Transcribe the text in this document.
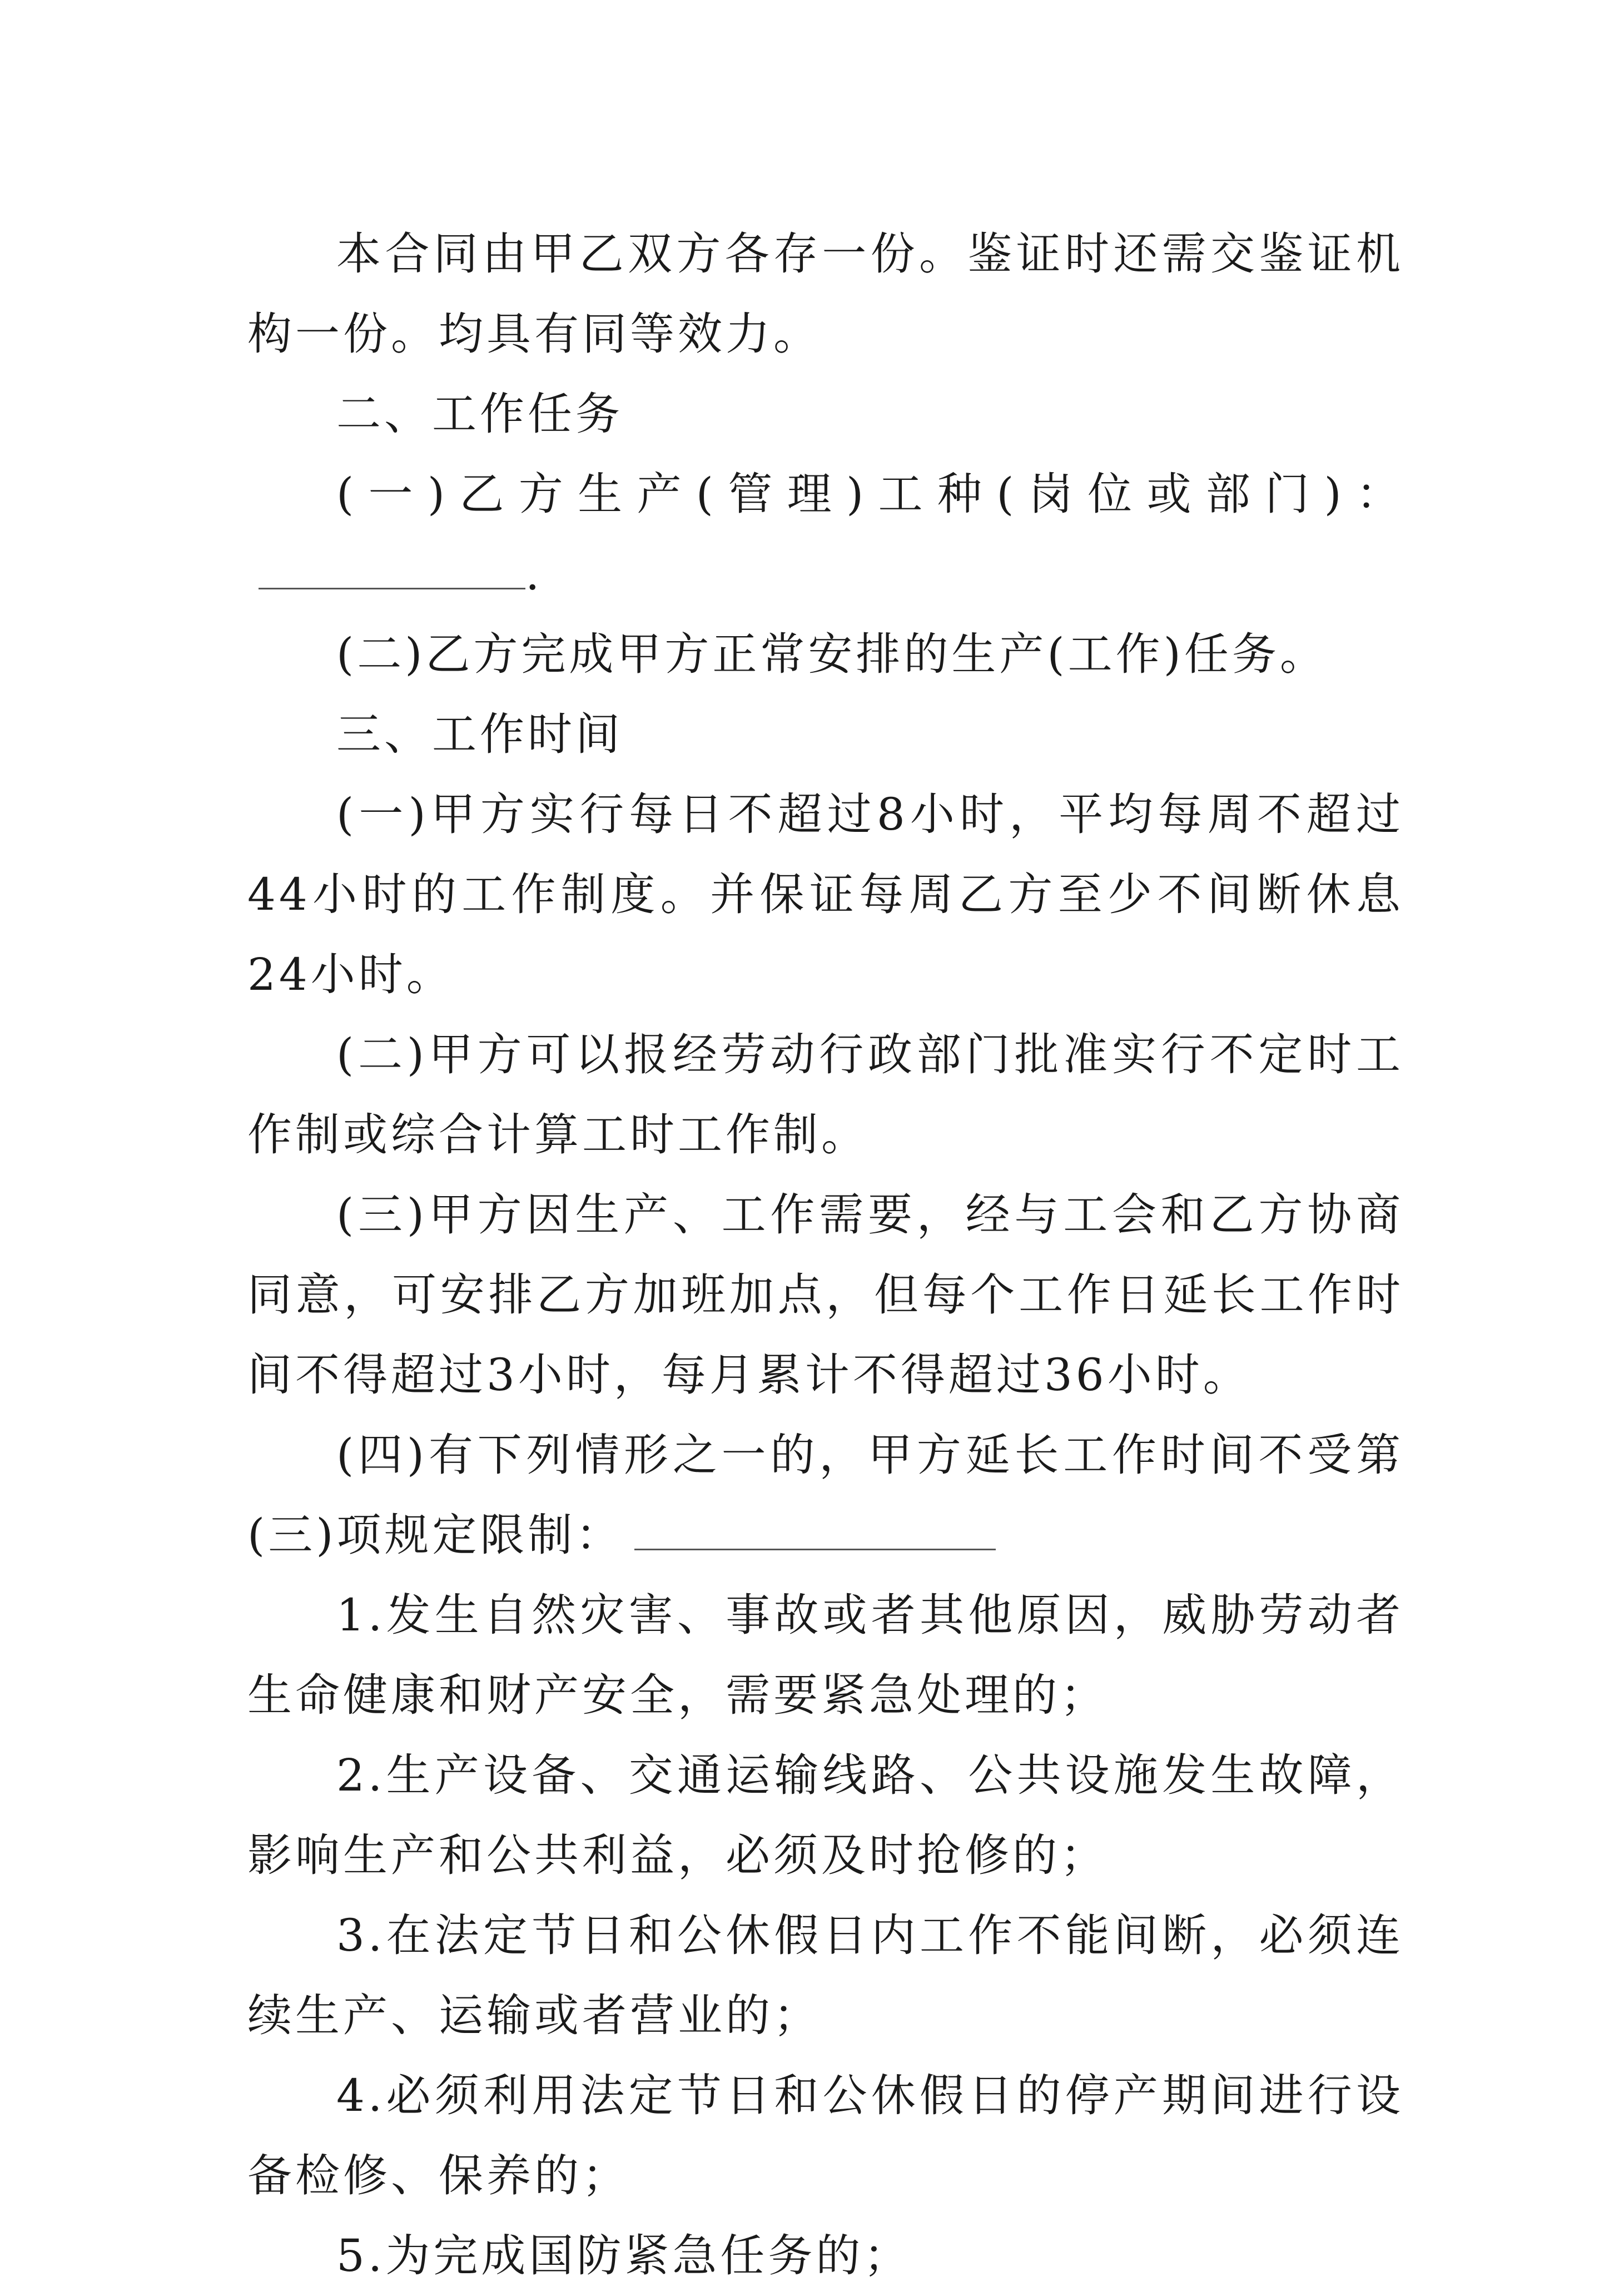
本合同由甲乙双方各存一份。鉴证时还需交鉴证机构一份。均具有同等效力。

二、工作任务

(一)乙方生产(管理)工种(岗位或部门)：.

(二)乙方完成甲方正常安排的生产(工作)任务。

三、工作时间

(一)甲方实行每日不超过8小时，平均每周不超过44小时的工作制度。并保证每周乙方至少不间断休息24小时。

(二)甲方可以报经劳动行政部门批准实行不定时工作制或综合计算工时工作制。

(三)甲方因生产、工作需要，经与工会和乙方协商同意，可安排乙方加班加点，但每个工作日延长工作时间不得超过3小时，每月累计不得超过36小时。

(四)有下列情形之一的，甲方延长工作时间不受第(三)项规定限制：

1.发生自然灾害、事故或者其他原因，威胁劳动者生命健康和财产安全，需要紧急处理的；

2.生产设备、交通运输线路、公共设施发生故障，影响生产和公共利益，必须及时抢修的；

3.在法定节日和公休假日内工作不能间断，必须连续生产、运输或者营业的；

4.必须利用法定节日和公休假日的停产期间进行设备检修、保养的；

5.为完成国防紧急任务的；
